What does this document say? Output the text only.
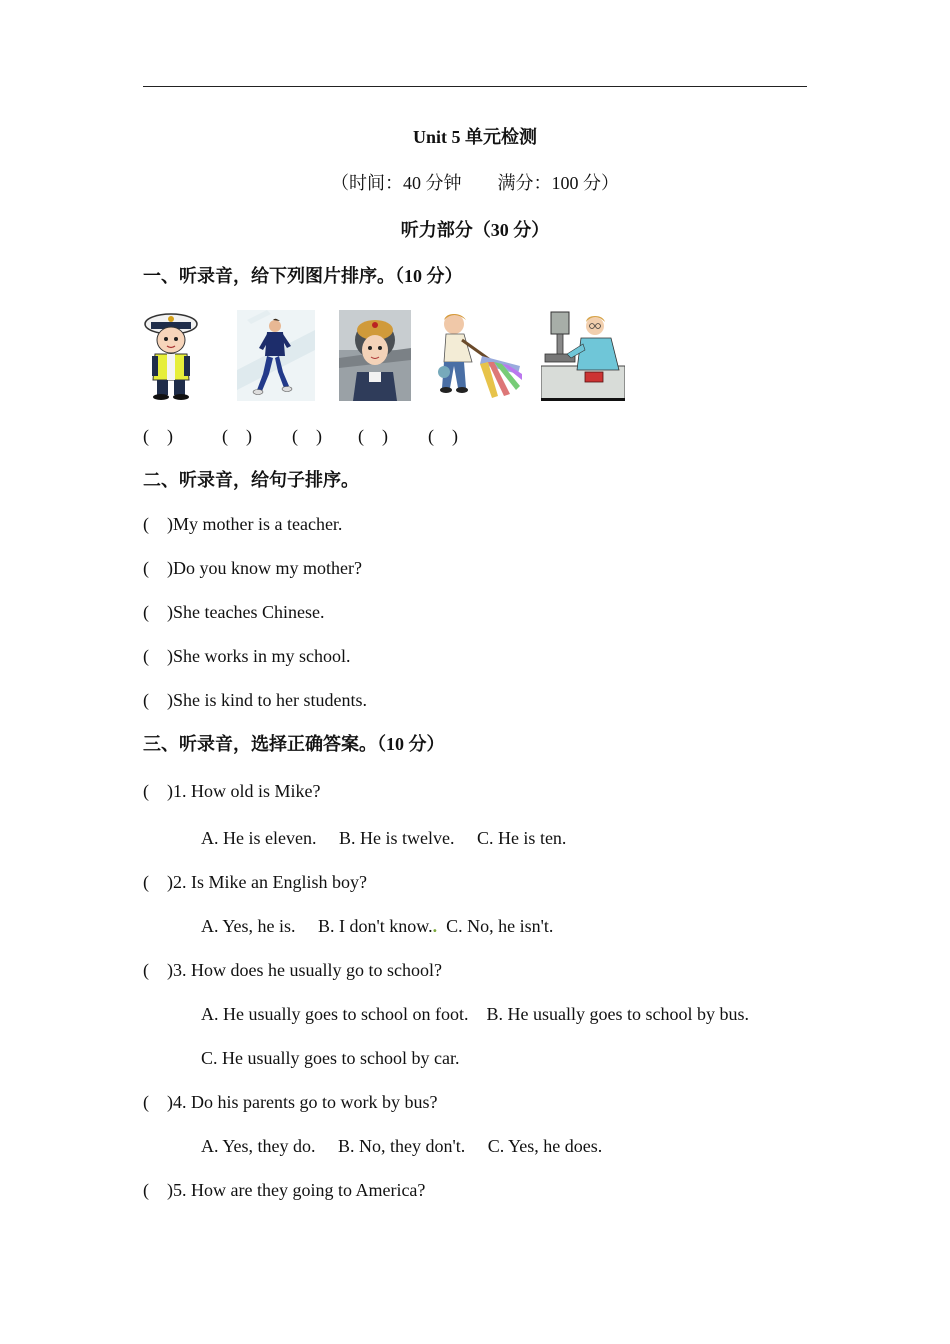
Unit 5 单元检测
（时间：40 分钟　　满分：100 分）
听力部分（30 分）
一、听录音，给下列图片排序。（10 分）
(    )	(    ) (    ) (    ) (    )
二、听录音，给句子排序。
(    )My mother is a teacher.
(    )Do you know my mother?
(    )She teaches Chinese.
(    )She works in my school.
(    )She is kind to her students.
三、听录音，选择正确答案。（10 分）
(    )1. How old is Mike?
A. He is eleven.     B. He is twelve.     C. He is ten.
(    )2. Is Mike an English boy?
A. Yes, he is.     B. I don't know.. C. No, he isn't.
(    )3. How does he usually go to school?
A. He usually goes to school on foot.    B. He usually goes to school by bus.
C. He usually goes to school by car.
(    )4. Do his parents go to work by bus?
A. Yes, they do.     B. No, they don't.     C. Yes, he does.
(    )5. How are they going to America?
